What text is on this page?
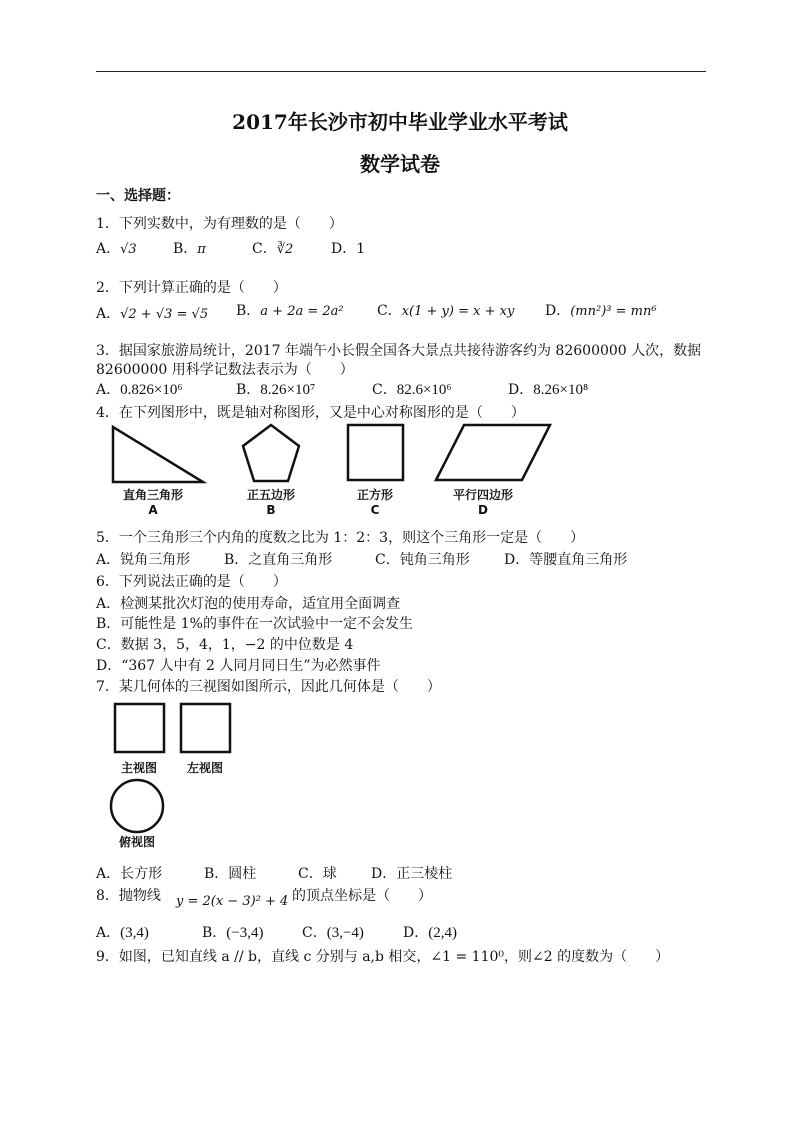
2017年长沙市初中毕业学业水平考试
数学试卷
一、选择题：
1．下列实数中，为有理数的是（　　）
A．√3	B．π	C．∛2	D．1
2．下列计算正确的是（　　）
A．√2 + √3 = √5 B．a + 2a = 2a² C．x(1 + y) = x + xy D．(mn²)³ = mn⁶
3．据国家旅游局统计，2017 年端午小长假全国各大景点共接待游客约为 82600000 人次，数据
82600000 用科学记数法表示为（　　）
A．0.826×10⁶	B．8.26×10⁷	C．82.6×10⁶	D．8.26×10⁸
4．在下列图形中，既是轴对称图形，又是中心对称图形的是（　　）
直角三角形
A
正五边形
B
正方形
C
平行四边形
D
5．一个三角形三个内角的度数之比为 1：2：3，则这个三角形一定是（　　）
A．锐角三角形 B．之直角三角形	C．钝角三角形 D．等腰直角三角形
6．下列说法正确的是（　　）
A．检测某批次灯泡的使用寿命，适宜用全面调查
B．可能性是 1%的事件在一次试验中一定不会发生
C．数据 3，5，4，1，−2 的中位数是 4
D．“367 人中有 2 人同月同日生”为必然事件
7．某几何体的三视图如图所示，因此几何体是（　　）
主视图	左视图
俯视图
A．长方形	B．圆柱	C．球 D．正三棱柱
8．抛物线 y = 2(x − 3)² + 4 的顶点坐标是（　　）
A．(3,4)	B．(−3,4)	C．(3,−4)	D．(2,4)
9．如图，已知直线 a // b，直线 c 分别与 a,b 相交，∠1 = 110⁰，则∠2 的度数为（　　）
